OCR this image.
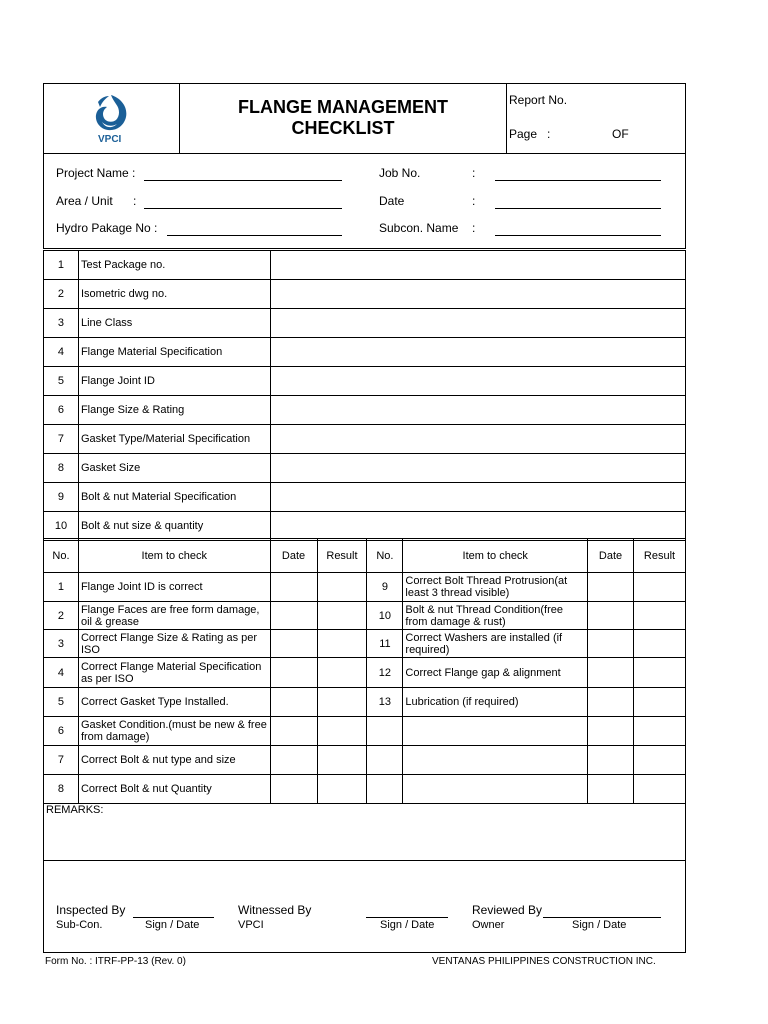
VPCI
FLANGE MANAGEMENT
CHECKLIST
Report No.
Page :	OF
Project Name :
Area / Unit :
Hydro Pakage No :
Job No.	:
Date	:
Subcon. Name :
1	Test Package no.	
2	Isometric dwg no.	
3	Line Class	
4	Flange Material Specification	
5	Flange Joint ID	
6	Flange Size & Rating	
7	Gasket Type/Material Specification	
8	Gasket Size	
9	Bolt & nut Material Specification	
10	Bolt & nut size & quantity	
No.	Item to check	Date	Result	No.	Item to check	Date	Result
1	Flange Joint ID is correct			9	Correct Bolt Thread Protrusion(at least 3 thread visible)		
2	Flange Faces are free form damage, oil & grease			10	Bolt & nut Thread Condition(free from damage & rust)		
3	Correct Flange Size & Rating as per ISO			11	Correct Washers are installed (if required)		
4	Correct Flange Material Specification as per ISO			12	Correct Flange gap & alignment		
5	Correct Gasket Type Installed.			13	Lubrication (if required)		
6	Gasket Condition.(must be new & free from damage)						
7	Correct Bolt & nut type and size						
8	Correct Bolt & nut Quantity						
REMARKS:
Inspected By
Sub-Con.	Sign / Date
Witnessed By
VPCI	Sign / Date
Reviewed By
Owner	Sign / Date
Form No. : ITRF-PP-13 (Rev. 0)	VENTANAS PHILIPPINES CONSTRUCTION INC.
